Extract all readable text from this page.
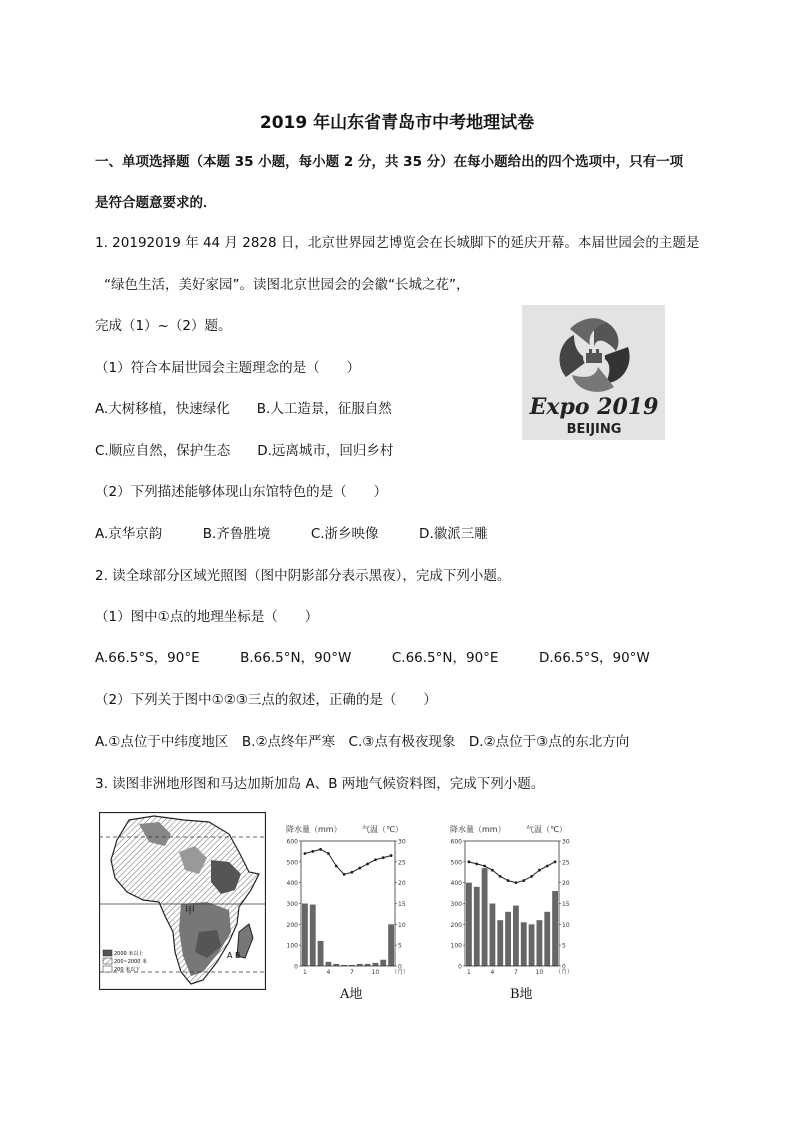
2019 年山东省青岛市中考地理试卷
一、单项选择题（本题 35 小题，每小题 2 分，共 35 分）在每小题给出的四个选项中，只有一项
是符合题意要求的．
1. 20192019 年 44 月 2828 日，北京世界园艺博览会在长城脚下的延庆开幕。本届世园会的主题是
“绿色生活，美好家园”。读图北京世园会的会徽“长城之花”，
完成（1）~（2）题。
Expo 2019
BEIJING
（1）符合本届世园会主题理念的是（　　）
A.大树移植，快速绿化　　B.人工造景，征服自然
C.顺应自然，保护生态　　D.远离城市，回归乡村
（2）下列描述能够体现山东馆特色的是（　　）
A.京华京韵　　　B.齐鲁胜境　　　C.浙乡映像　　　D.徽派三雕
2. 读全球部分区域光照图（图中阴影部分表示黑夜），完成下列小题。
（1）图中①点的地理坐标是（　　）
A.66.5°S，90°E　　　B.66.5°N，90°W　　　C.66.5°N，90°E　　　D.66.5°S，90°W
（2）下列关于图中①②③三点的叙述，正确的是（　　）
A.①点位于中纬度地区　B.②点终年严寒　C.③点有极夜现象　D.②点位于③点的东北方向
3. 读图非洲地形图和马达加斯加岛 A、B 两地气候资料图，完成下列小题。
甲
A B
2000 米以上
200~2000 米
200 米以下
降水量（mm）	气温（℃）
0
100
200
300
400
500
600
0
5
10
15
20
25
30
1	4	7	10 （月）
A地
降水量（mm）	气温（℃）
0
100
200
300
400
500
600
0
5
10
15
20
25
30
1	4	7	10 （月）
B地
